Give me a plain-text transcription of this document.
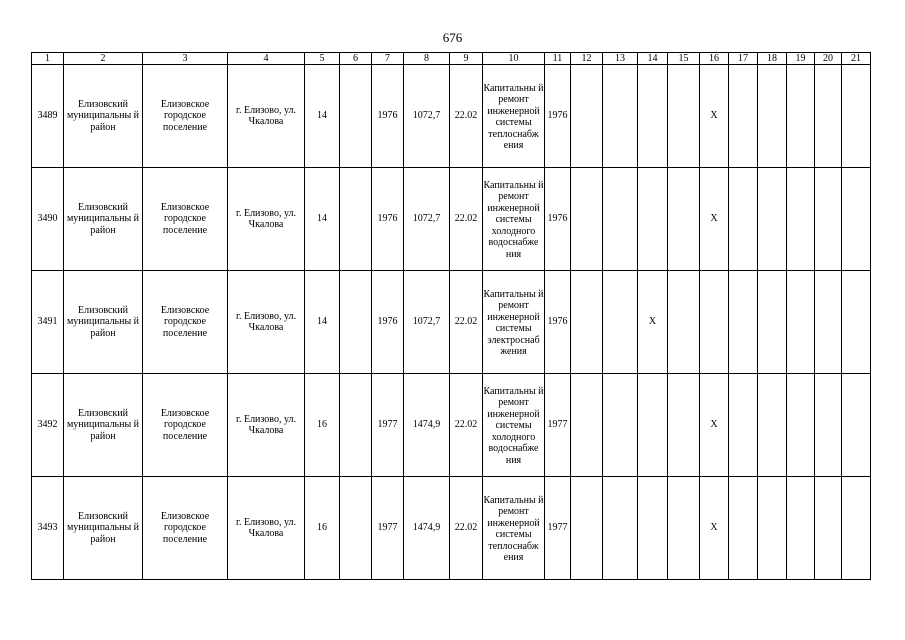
676
1	2	3	4	5	6	7	8	9	10	11	12	13	14	15	16	17	18	19	20	21
3489	Елизовский муниципальны й район	Елизовское городское поселение	г. Елизово, ул. Чкалова	14		1976	1072,7	22.02	Капитальны й ремонт инженерной системы теплоснабж ения	1976					X					
3490	Елизовский муниципальны й район	Елизовское городское поселение	г. Елизово, ул. Чкалова	14		1976	1072,7	22.02	Капитальны й ремонт инженерной системы холодного водоснабже ния	1976					X					
3491	Елизовский муниципальны й район	Елизовское городское поселение	г. Елизово, ул. Чкалова	14		1976	1072,7	22.02	Капитальны й ремонт инженерной системы электроснаб жения	1976			X							
3492	Елизовский муниципальны й район	Елизовское городское поселение	г. Елизово, ул. Чкалова	16		1977	1474,9	22.02	Капитальны й ремонт инженерной системы холодного водоснабже ния	1977					X					
3493	Елизовский муниципальны й район	Елизовское городское поселение	г. Елизово, ул. Чкалова	16		1977	1474,9	22.02	Капитальны й ремонт инженерной системы теплоснабж ения	1977					X					
